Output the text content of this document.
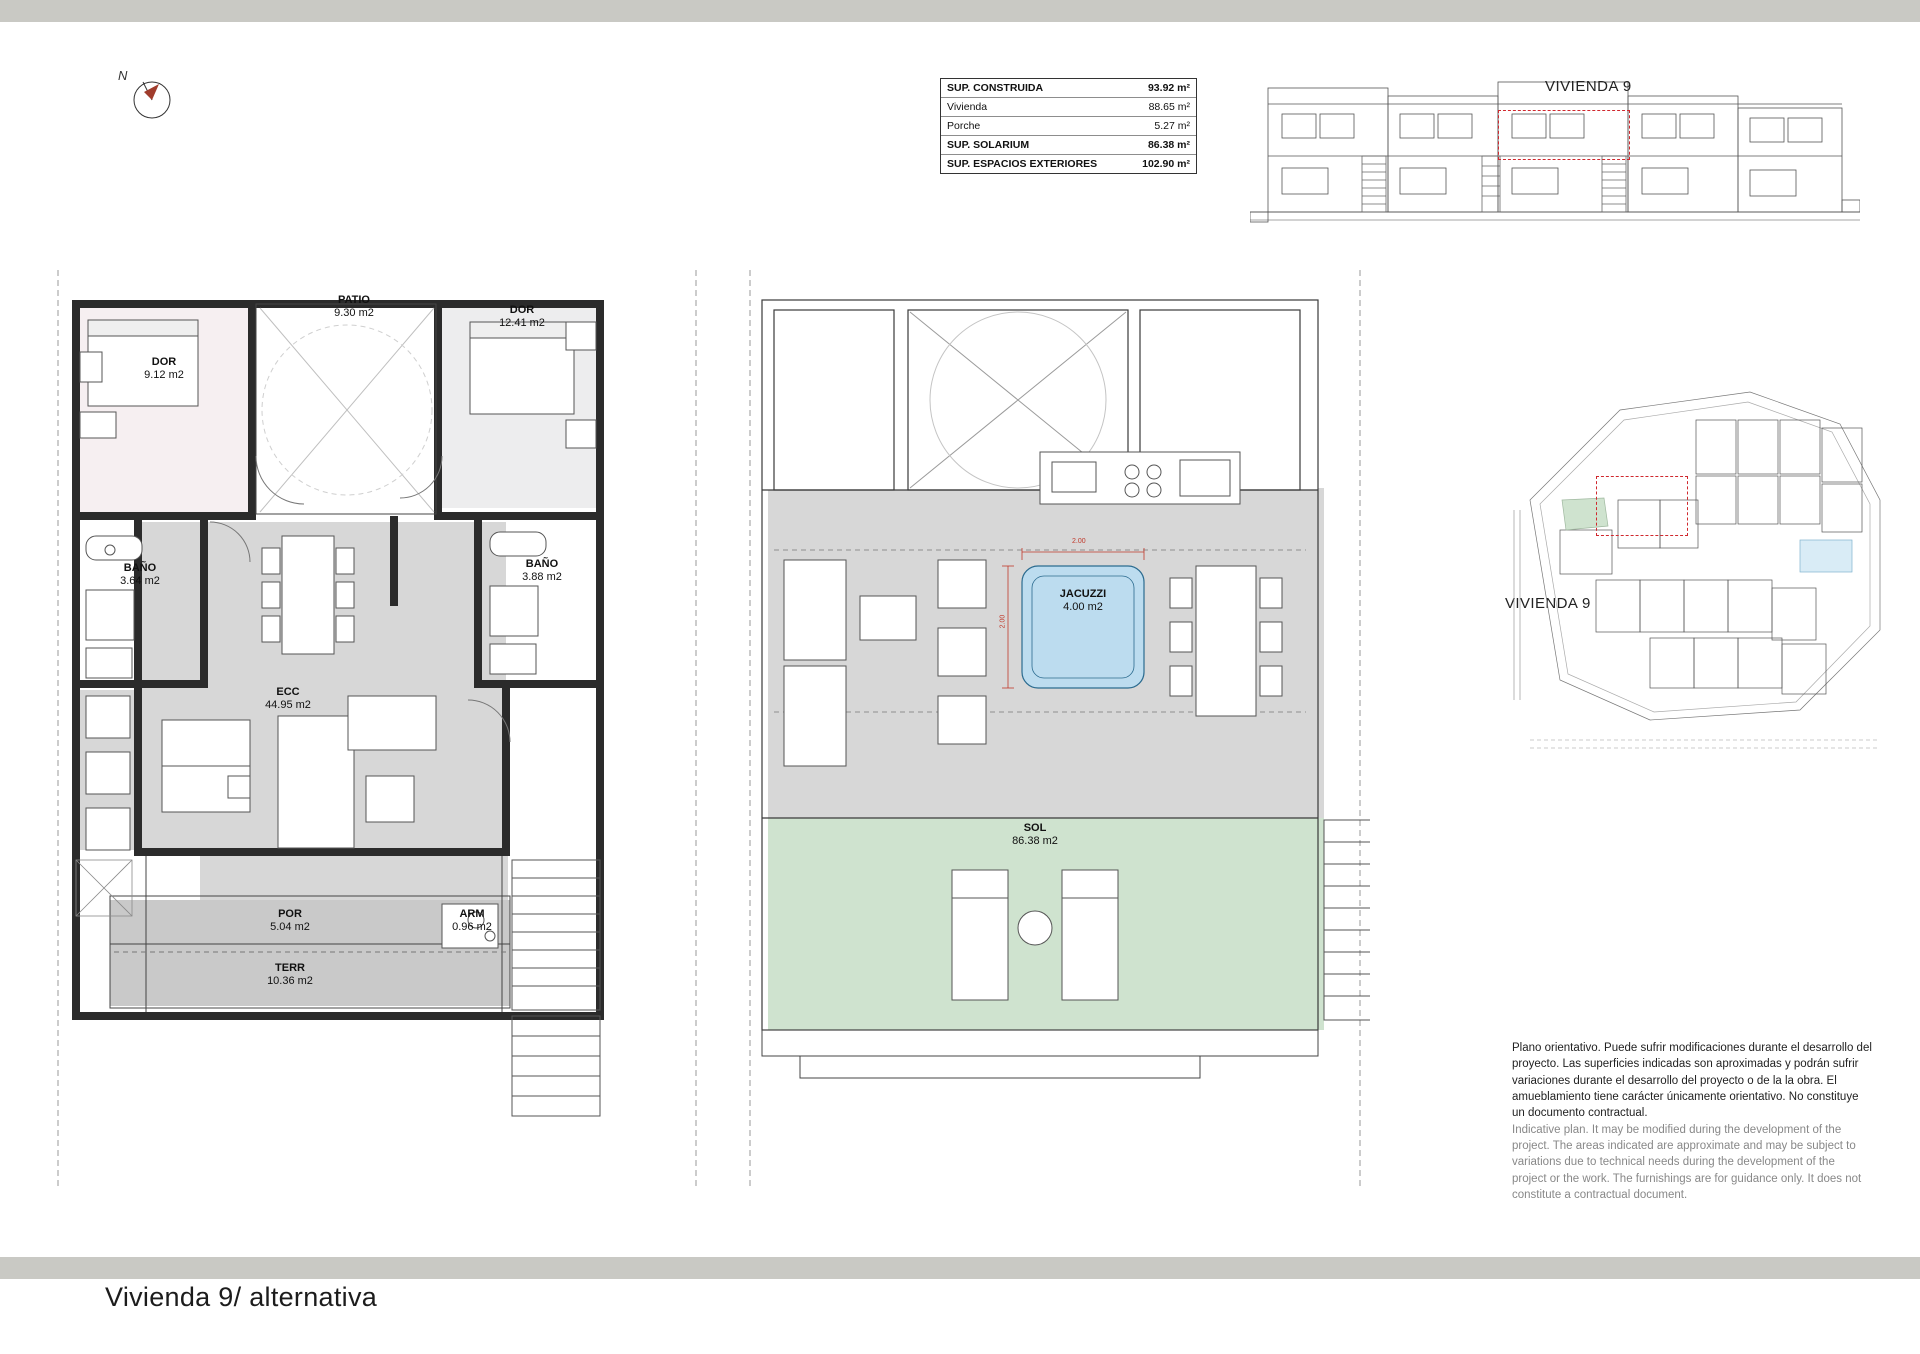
N
SUP. CONSTRUIDA	93.92 m²
Vivienda	88.65 m²
Porche	5.27 m²
SUP. SOLARIUM	86.38 m²
SUP. ESPACIOS EXTERIORES	102.90 m²
VIVIENDA 9
VIVIENDA 9
PATIO
9.30 m2
DOR
9.12 m2
DOR
12.41 m2
BAÑO
3.64 m2
BAÑO
3.88 m2
ECC
44.95 m2
POR
5.04 m2
ARM
0.96 m2
TERR
10.36 m2
JACUZZI
4.00 m2
2.00
2.00
SOL
86.38 m2
Plano orientativo. Puede sufrir modificaciones durante el desarrollo del proyecto. Las superficies indicadas son aproximadas y podrán sufrir variaciones durante el desarrollo del proyecto o de la la obra. El amueblamiento tiene carácter únicamente orientativo. No constituye un documento contractual.
Indicative plan. It may be modified during the development of the project. The areas indicated are approximate and may be subject to variations due to technical needs during the development of the project or the work. The furnishings are for guidance only. It does not constitute a contractual document.
Vivienda 9/ alternativa
